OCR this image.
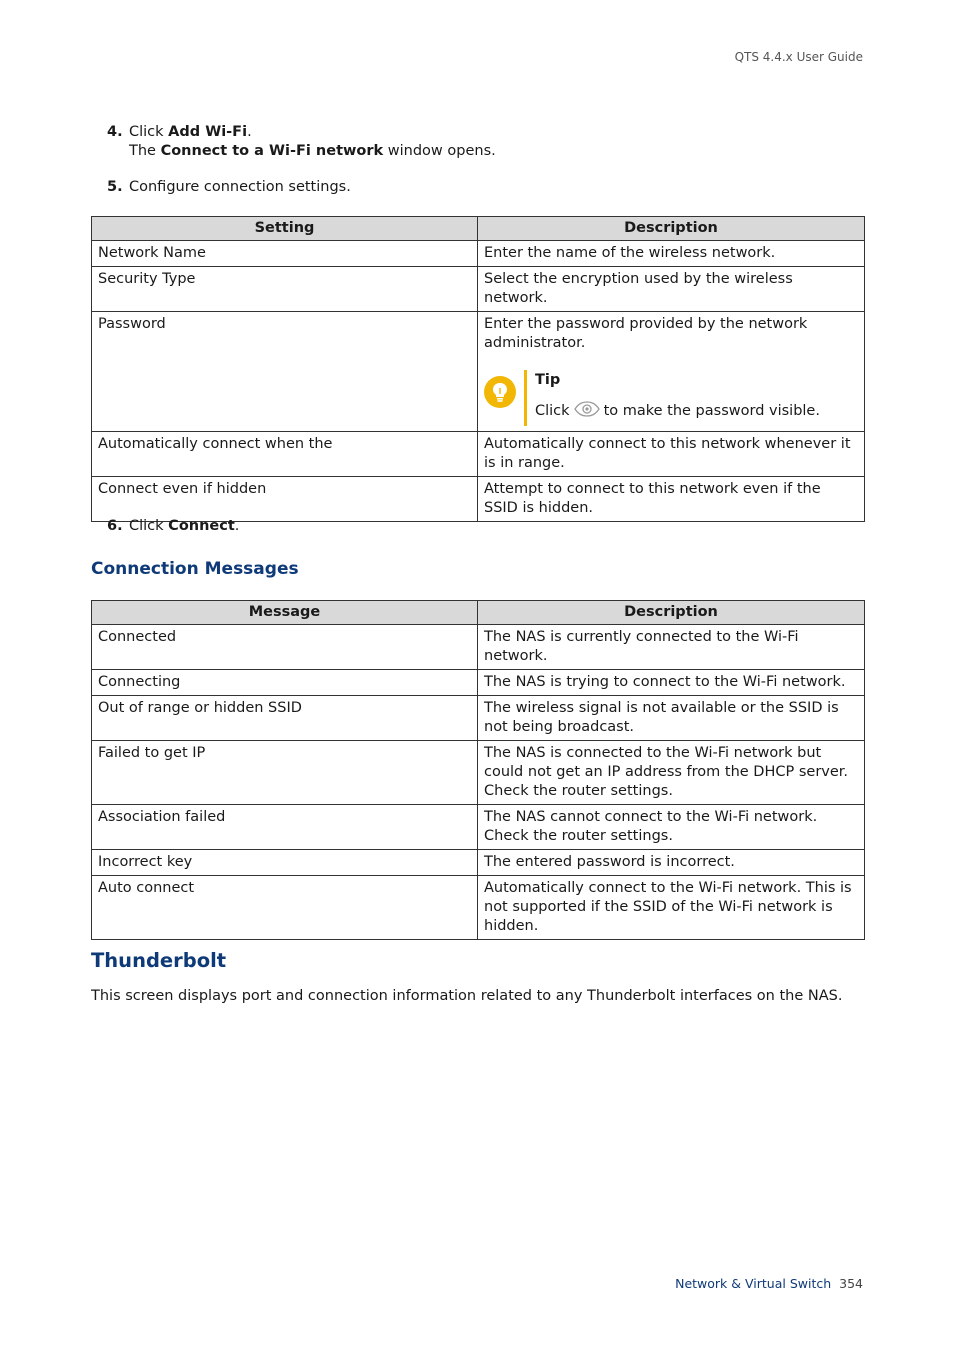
QTS 4.4.x User Guide
4. Click Add Wi-Fi.
The Connect to a Wi-Fi network window opens.
5. Configure connection settings.
Setting	Description
Network Name	Enter the name of the wireless network.
Security Type	Select the encryption used by the wireless network.
Password	Enter the password provided by the network administrator.
Tip
Click to make the password visible.

Automatically connect when the	Automatically connect to this network whenever it is in range.
Connect even if hidden	Attempt to connect to this network even if the SSID is hidden.
6. Click Connect.
Connection Messages
Message	Description
Connected	The NAS is currently connected to the Wi-Fi network.
Connecting	The NAS is trying to connect to the Wi-Fi network.
Out of range or hidden SSID	The wireless signal is not available or the SSID is not being broadcast.
Failed to get IP	The NAS is connected to the Wi-Fi network but could not get an IP address from the DHCP server. Check the router settings.
Association failed	The NAS cannot connect to the Wi-Fi network. Check the router settings.
Incorrect key	The entered password is incorrect.
Auto connect	Automatically connect to the Wi-Fi network. This is not supported if the SSID of the Wi-Fi network is hidden.
Thunderbolt
This screen displays port and connection information related to any Thunderbolt interfaces on the NAS.
Network & Virtual Switch 354
